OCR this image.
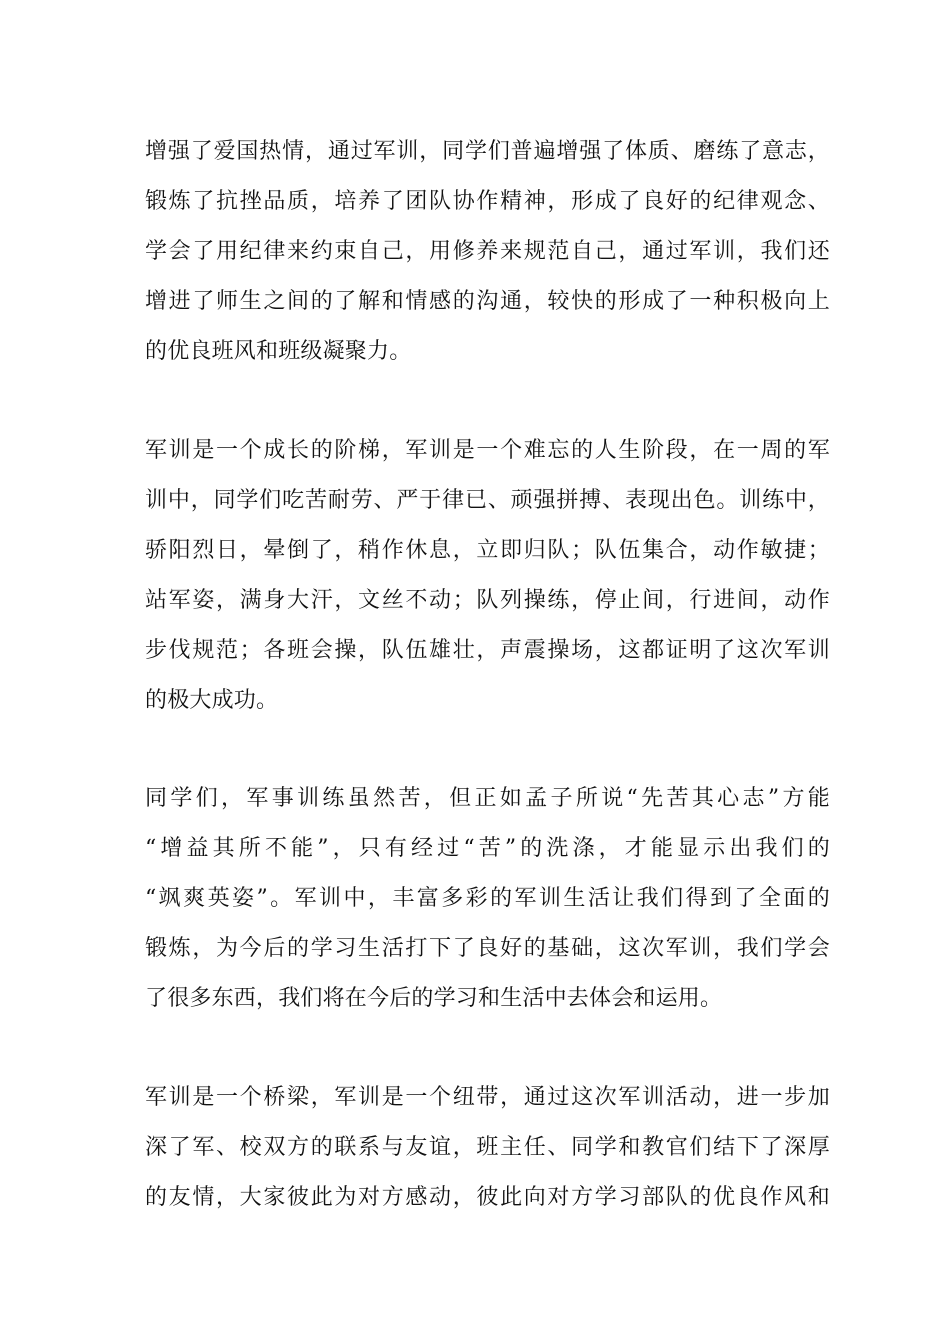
增强了爱国热情，通过军训，同学们普遍增强了体质、磨练了意志，
锻炼了抗挫品质，培养了团队协作精神，形成了良好的纪律观念、
学会了用纪律来约束自己，用修养来规范自己，通过军训，我们还
增进了师生之间的了解和情感的沟通，较快的形成了一种积极向上
的优良班风和班级凝聚力。
军训是一个成长的阶梯，军训是一个难忘的人生阶段，在一周的军
训中，同学们吃苦耐劳、严于律已、顽强拼搏、表现出色。训练中，
骄阳烈日，晕倒了，稍作休息，立即归队；队伍集合，动作敏捷；
站军姿，满身大汗，文丝不动；队列操练，停止间，行进间，动作
步伐规范；各班会操，队伍雄壮，声震操场，这都证明了这次军训
的极大成功。
同学们，军事训练虽然苦，但正如孟子所说“先苦其心志”方能
“增益其所不能”，只有经过“苦”的洗涤，才能显示出我们的
“飒爽英姿”。军训中，丰富多彩的军训生活让我们得到了全面的
锻炼，为今后的学习生活打下了良好的基础，这次军训，我们学会
了很多东西，我们将在今后的学习和生活中去体会和运用。
军训是一个桥梁，军训是一个纽带，通过这次军训活动，进一步加
深了军、校双方的联系与友谊，班主任、同学和教官们结下了深厚
的友情，大家彼此为对方感动，彼此向对方学习部队的优良作风和
